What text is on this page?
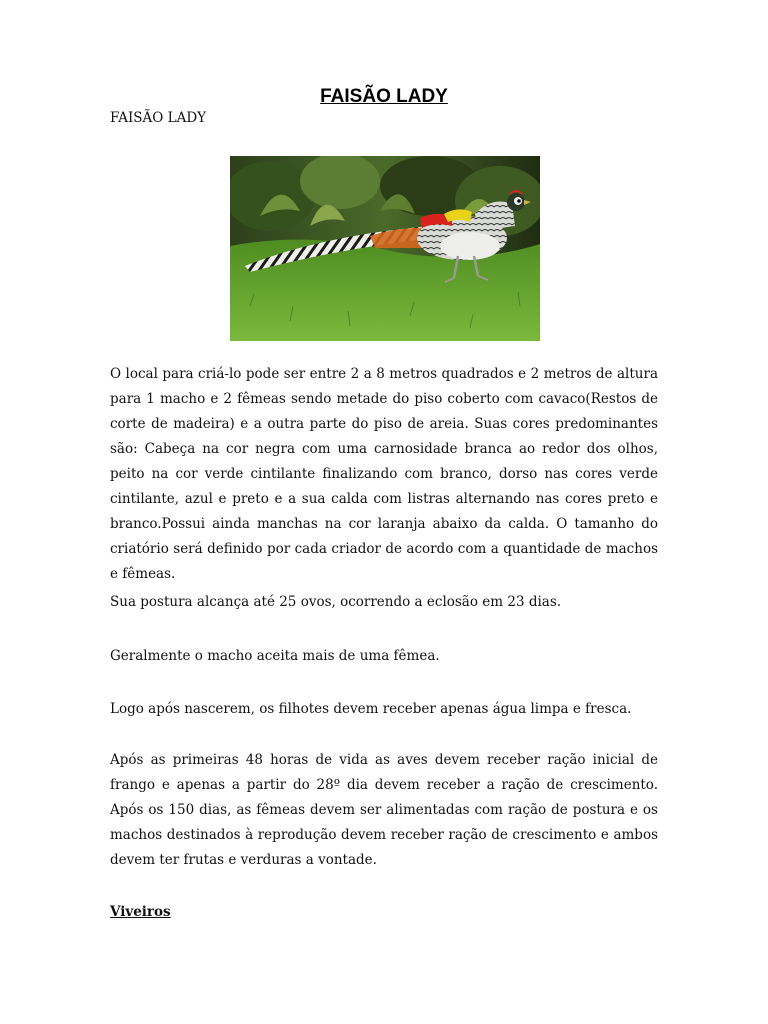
FAISÃO LADY
FAISÃO LADY

O local para criá-lo pode ser entre 2 a 8 metros quadrados e 2 metros de altura para 1 macho e 2 fêmeas sendo metade do piso coberto com cavaco(Restos de corte de madeira) e a outra parte do piso de areia. Suas cores predominantes são: Cabeça na cor negra com uma carnosidade branca ao redor dos olhos, peito na cor verde cintilante finalizando com branco, dorso nas cores verde cintilante, azul e preto e a sua calda com listras alternando nas cores preto e branco.Possui ainda manchas na cor laranja abaixo da calda. O tamanho do criatório será definido por cada criador de acordo com a quantidade de machos e fêmeas.

Sua postura alcança até 25 ovos, ocorrendo a eclosão em 23 dias.

Geralmente o macho aceita mais de uma fêmea.

Logo após nascerem, os filhotes devem receber apenas água limpa e fresca.

Após as primeiras 48 horas de vida as aves devem receber ração inicial de frango e apenas a partir do 28º dia devem receber a ração de crescimento. Após os 150 dias, as fêmeas devem ser alimentadas com ração de postura e os machos destinados à reprodução devem receber ração de crescimento e ambos devem ter frutas e verduras a vontade.

Viveiros
